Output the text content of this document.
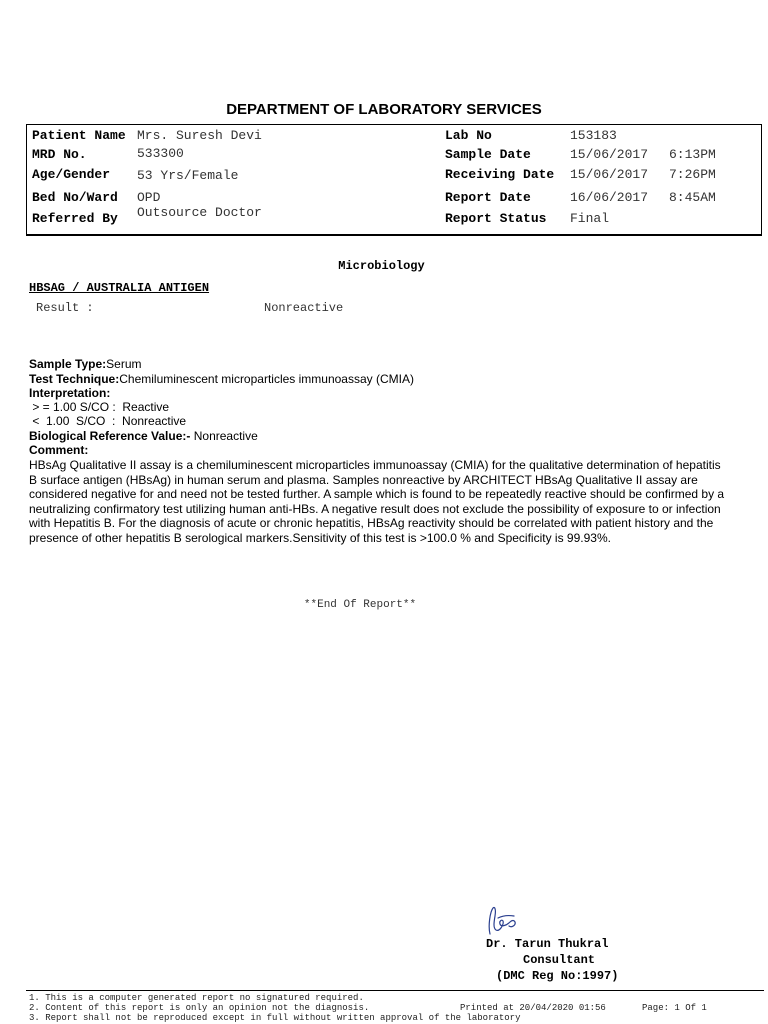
DEPARTMENT OF LABORATORY SERVICES
Patient Name Mrs. Suresh Devi
MRD No.	533300
Age/Gender 53 Yrs/Female
Bed No/Ward OPD
Referred By Outsource Doctor
Lab No	153183
Sample Date	15/06/2017 6:13PM
Receiving Date 15/06/2017 7:26PM
Report Date	16/06/2017 8:45AM
Report Status Final
Microbiology
HBSAG / AUSTRALIA ANTIGEN
Result :	Nonreactive
Sample Type:Serum
Test Technique:Chemiluminescent microparticles immunoassay (CMIA)
Interpretation:
> = 1.00 S/CO :  Reactive
<  1.00  S/CO  :  Nonreactive
Biological Reference Value:- Nonreactive
Comment:
HBsAg Qualitative II assay is a chemiluminescent microparticles immunoassay (CMIA) for the qualitative determination of hepatitis B surface antigen (HBsAg) in human serum and plasma. Samples nonreactive by ARCHITECT HBsAg Qualitative II assay are considered negative for and need not be tested further. A sample which is found to be repeatedly reactive should be confirmed by a neutralizing confirmatory test utilizing human anti-HBs. A negative result does not exclude the possibility of exposure to or infection with Hepatitis B. For the diagnosis of acute or chronic hepatitis, HBsAg reactivity should be correlated with patient history and the presence of other hepatitis B serological markers.Sensitivity of this test is >100.0 % and Specificity is 99.93%.
**End Of Report**
Dr. Tarun Thukral
Consultant
(DMC Reg No:1997)
1. This is a computer generated report no signatured required.
2. Content of this report is only an opinion not the diagnosis.
3. Report shall not be reproduced except in full without written approval of the laboratory
Printed at 20/04/2020 01:56	Page: 1 Of 1
